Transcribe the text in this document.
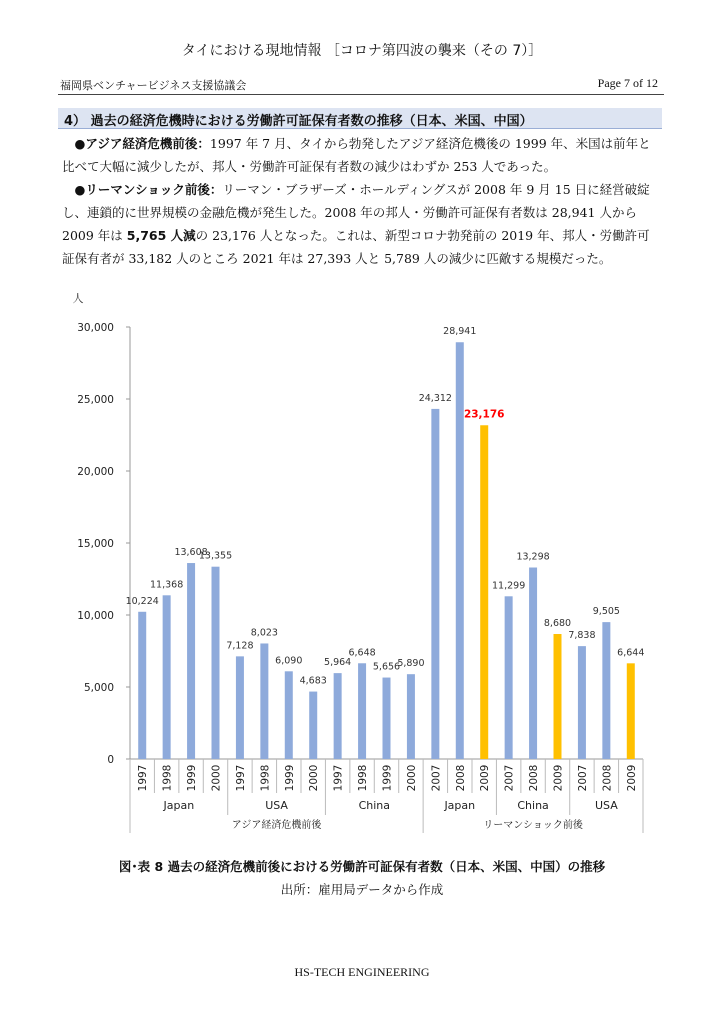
タイにおける現地情報 ［コロナ第四波の襲来（その 7）］
福岡県ベンチャービジネス支援協議会	Page 7 of 12
4） 過去の経済危機時における労働許可証保有者数の推移（日本、米国、中国）
●アジア経済危機前後：1997 年 7 月、タイから勃発したアジア経済危機後の 1999 年、米国は前年と比べて大幅に減少したが、邦人・労働許可証保有者数の減少はわずか 253 人であった。
●リーマンショック前後：リーマン・ブラザーズ・ホールディングスが 2008 年 9 月 15 日に経営破綻し、連鎖的に世界規模の金融危機が発生した。2008 年の邦人・労働許可証保有者数は 28,941 人から 2009 年は 5,765 人減の 23,176 人となった。これは、新型コロナ勃発前の 2019 年、邦人・労働許可証保有者が 33,182 人のところ 2021 年は 27,393 人と 5,789 人の減少に匹敵する規模だった。
人
0
5,000
10,000
15,000
20,000
25,000
30,000
10,224
1997
11,368
1998
13,608
1999
13,355
2000
7,128
1997
8,023
1998
6,090
1999
4,683
2000
5,964
1997
6,648
1998
5,656
1999
5,890
2000
24,312
2007
28,941
2008
23,176
2009
11,299
2007
13,298
2008
8,680
2009
7,838
2007
9,505
2008
6,644
2009
Japan	USA	China	Japan	China	USA
アジア経済危機前後	リーマンショック前後
図･表 8 過去の経済危機前後における労働許可証保有者数（日本、米国、中国）の推移
出所：雇用局データから作成
HS-TECH ENGINEERING
